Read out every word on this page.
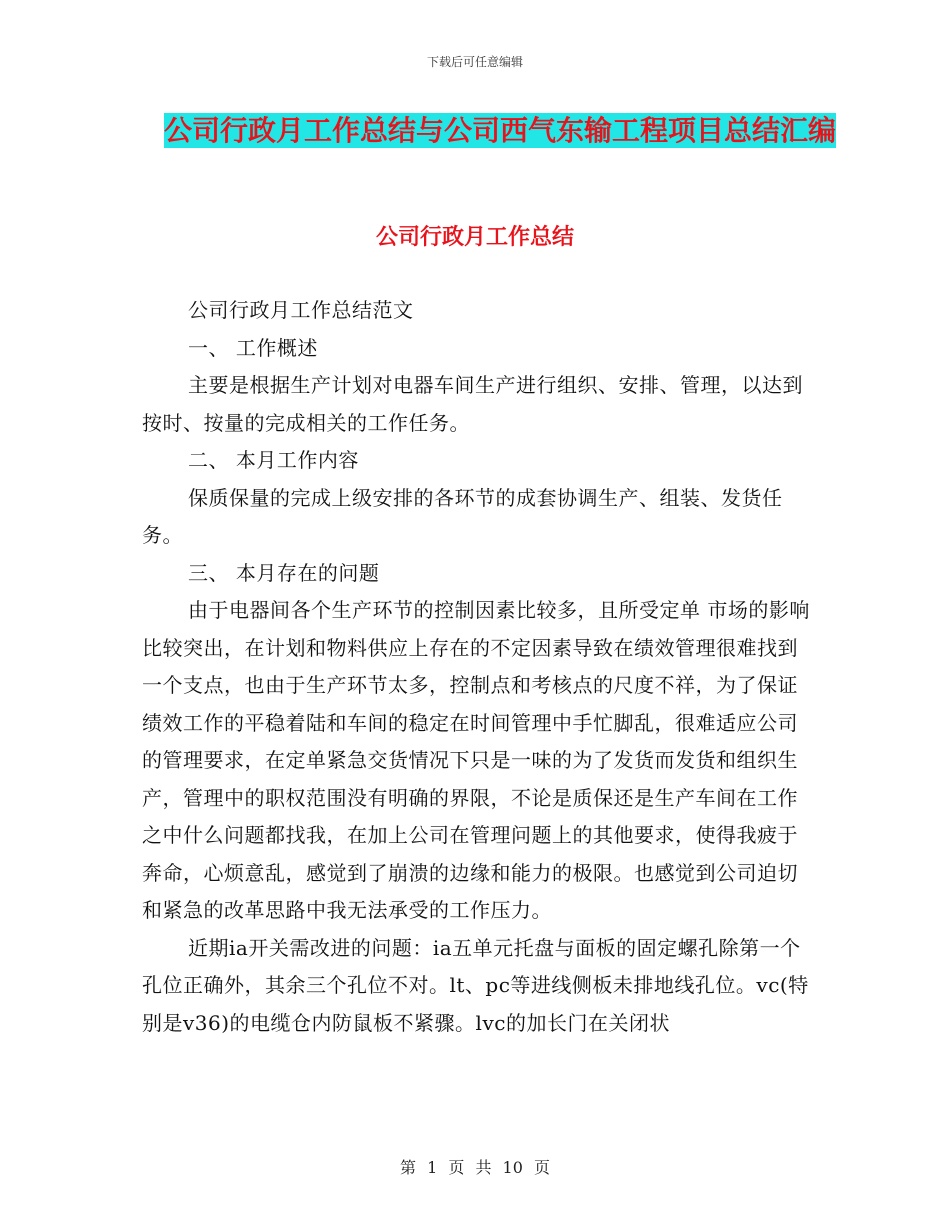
下载后可任意编辑
公司行政月工作总结与公司西气东输工程项目总结汇编
公司行政月工作总结

公司行政月工作总结范文

一、 工作概述

主要是根据生产计划对电器车间生产进行组织、安排、管理，以达到按时、按量的完成相关的工作任务。

二、 本月工作内容

保质保量的完成上级安排的各环节的成套协调生产、组装、发货任务。

三、 本月存在的问题

由于电器间各个生产环节的控制因素比较多，且所受定单 市场的影响比较突出，在计划和物料供应上存在的不定因素导致在绩效管理很难找到一个支点，也由于生产环节太多，控制点和考核点的尺度不祥，为了保证绩效工作的平稳着陆和车间的稳定在时间管理中手忙脚乱，很难适应公司的管理要求，在定单紧急交货情况下只是一味的为了发货而发货和组织生产，管理中的职权范围没有明确的界限，不论是质保还是生产车间在工作之中什么问题都找我，在加上公司在管理问题上的其他要求，使得我疲于奔命，心烦意乱，感觉到了崩溃的边缘和能力的极限。也感觉到公司迫切和紧急的改革思路中我无法承受的工作压力。

近期ia开关需改进的问题：ia五单元托盘与面板的固定螺孔除第一个孔位正确外，其余三个孔位不对。lt、pc等进线侧板未排地线孔位。vc(特别是v36)的电缆仓内防鼠板不紧骤。lvc的加长门在关闭状

第 1 页 共 10 页
